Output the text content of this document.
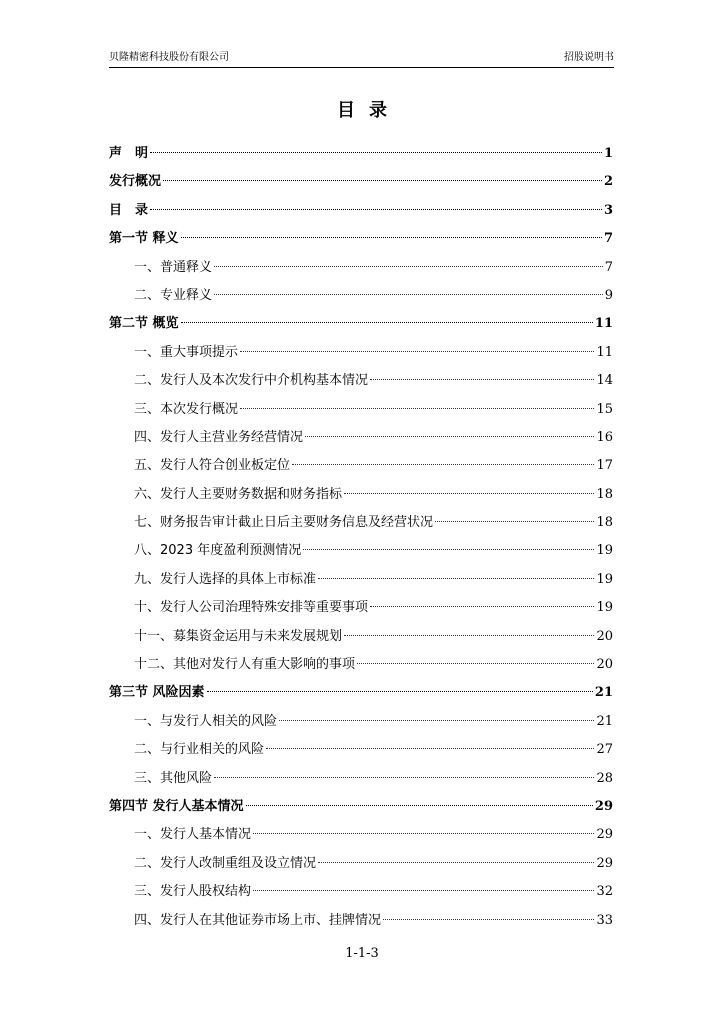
贝隆精密科技股份有限公司	招股说明书
目录
声　明	1
发行概况	2
目　录	3
第一节 释义	7
一、普通释义	7
二、专业释义	9
第二节 概览	11
一、重大事项提示	11
二、发行人及本次发行中介机构基本情况	14
三、本次发行概况	15
四、发行人主营业务经营情况	16
五、发行人符合创业板定位	17
六、发行人主要财务数据和财务指标	18
七、财务报告审计截止日后主要财务信息及经营状况	18
八、2023 年度盈利预测情况	19
九、发行人选择的具体上市标准	19
十、发行人公司治理特殊安排等重要事项	19
十一、募集资金运用与未来发展规划	20
十二、其他对发行人有重大影响的事项	20
第三节 风险因素	21
一、与发行人相关的风险	21
二、与行业相关的风险	27
三、其他风险	28
第四节 发行人基本情况	29
一、发行人基本情况	29
二、发行人改制重组及设立情况	29
三、发行人股权结构	32
四、发行人在其他证券市场上市、挂牌情况	33
1-1-3
